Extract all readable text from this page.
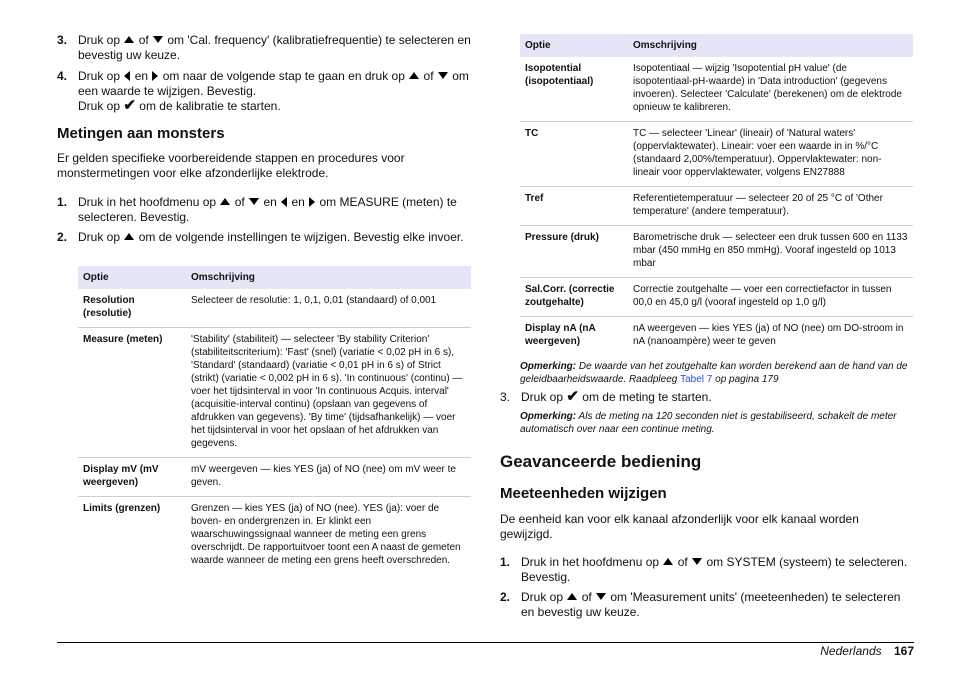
3. Druk op  of  om 'Cal. frequency' (kalibratiefrequentie) te selecteren en bevestig uw keuze.
4. Druk op  en  om naar de volgende stap te gaan en druk op  of  om een waarde te wijzigen. Bevestig.
Druk op ✔ om de kalibratie te starten.
Metingen aan monsters

Er gelden specifieke voorbereidende stappen en procedures voor monstermetingen voor elke afzonderlijke elektrode.

1. Druk in het hoofdmenu op  of  en  en  om MEASURE (meten) te selecteren. Bevestig.
2. Druk op  om de volgende instellingen te wijzigen. Bevestig elke invoer.
Optie	Omschrijving
Resolution (resolutie)	Selecteer de resolutie: 1, 0,1, 0,01 (standaard) of 0,001
Measure (meten)	'Stability' (stabiliteit) — selecteer 'By stability Criterion' (stabiliteitscriterium): 'Fast' (snel) (variatie < 0,02 pH in 6 s), 'Standard' (standaard) (variatie < 0,01 pH in 6 s) of Strict (strikt) (variatie < 0,002 pH in 6 s). 'In continuous' (continu) — voer het tijdsinterval in voor 'In continuous Acquis. interval' (acquisitie-interval continu) (opslaan van gegevens of afdrukken van gegevens). 'By time' (tijdsafhankelijk) — voer het tijdsinterval in voor het opslaan of het afdrukken van gegevens.
Display mV (mV weergeven)	mV weergeven — kies YES (ja) of NO (nee) om mV weer te geven.
Limits (grenzen)	Grenzen — kies YES (ja) of NO (nee). YES (ja): voer de boven- en ondergrenzen in. Er klinkt een waarschuwingssignaal wanneer de meting een grens overschrijdt. De rapportuitvoer toont een A naast de gemeten waarde wanneer de meting een grens heeft overschreden.
Optie	Omschrijving
Isopotential (isopotentiaal)	Isopotentiaal — wijzig 'Isopotential pH value' (de isopotentiaal-pH-waarde) in 'Data introduction' (gegevens invoeren). Selecteer 'Calculate' (berekenen) om de elektrode opnieuw te kalibreren.
TC	TC — selecteer 'Linear' (lineair) of 'Natural waters' (oppervlaktewater). Lineair: voer een waarde in in %/°C (standaard 2,00%/temperatuur). Oppervlaktewater: non-lineair voor oppervlaktewater, volgens EN27888
Tref	Referentietemperatuur — selecteer 20 of 25 °C of 'Other temperature' (andere temperatuur).
Pressure (druk)	Barometrische druk — selecteer een druk tussen 600 en 1133 mbar (450 mmHg en 850 mmHg). Vooraf ingesteld op 1013 mbar
Sal.Corr. (correctie zoutgehalte)	Correctie zoutgehalte — voer een correctiefactor in tussen 00,0 en 45,0 g/l (vooraf ingesteld op 1,0 g/l)
Display nA (nA weergeven)	nA weergeven — kies YES (ja) of NO (nee) om DO-stroom in nA (nanoampère) weer te geven
Opmerking: De waarde van het zoutgehalte kan worden berekend aan de hand van de geleidbaarheidswaarde. Raadpleeg Tabel 7 op pagina 179
3. Druk op ✔ om de meting te starten.
Opmerking: Als de meting na 120 seconden niet is gestabiliseerd, schakelt de meter automatisch over naar een continue meting.
Geavanceerde bediening
Meeteenheden wijzigen

De eenheid kan voor elk kanaal afzonderlijk voor elk kanaal worden gewijzigd.

1. Druk in het hoofdmenu op  of  om SYSTEM (systeem) te selecteren. Bevestig.
2. Druk op  of  om 'Measurement units' (meeteenheden) te selecteren en bevestig uw keuze.
Nederlands 167
